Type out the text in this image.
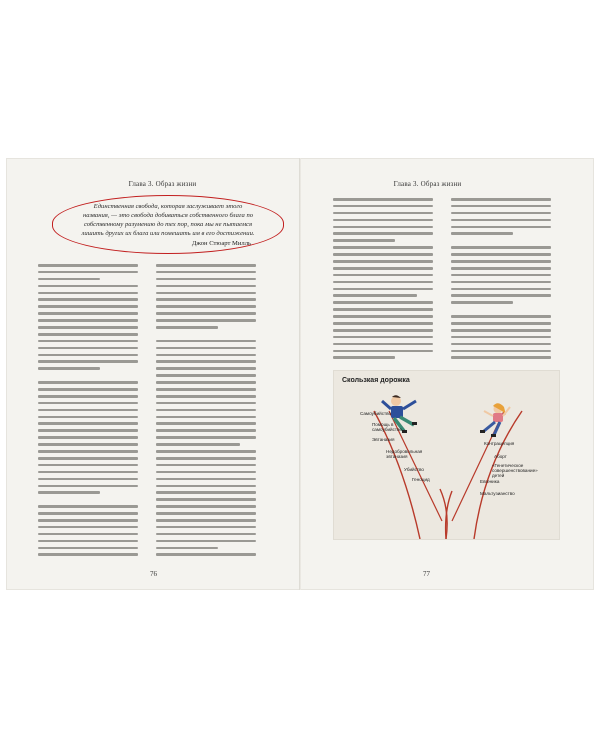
Глава 3. Образ жизни
Единственная свобода, которая заслуживает этого
названия, — это свобода добиваться собственного блага по
собственному разумению до тех пор, пока мы не пытаемся
лишить других их блага или помешать им в его достижении.
Джон Стюарт Милль
76
Глава 3. Образ жизни
Скользкая дорожка
Самоубийство
Помощь в самоубийстве
Эвтаназия
Недобровольная эвтаназия
Убийство
Геноцид
Контрацепция
Аборт
«Генетическое совершенствование» детей
Евгеника
Мальтузианство
77
